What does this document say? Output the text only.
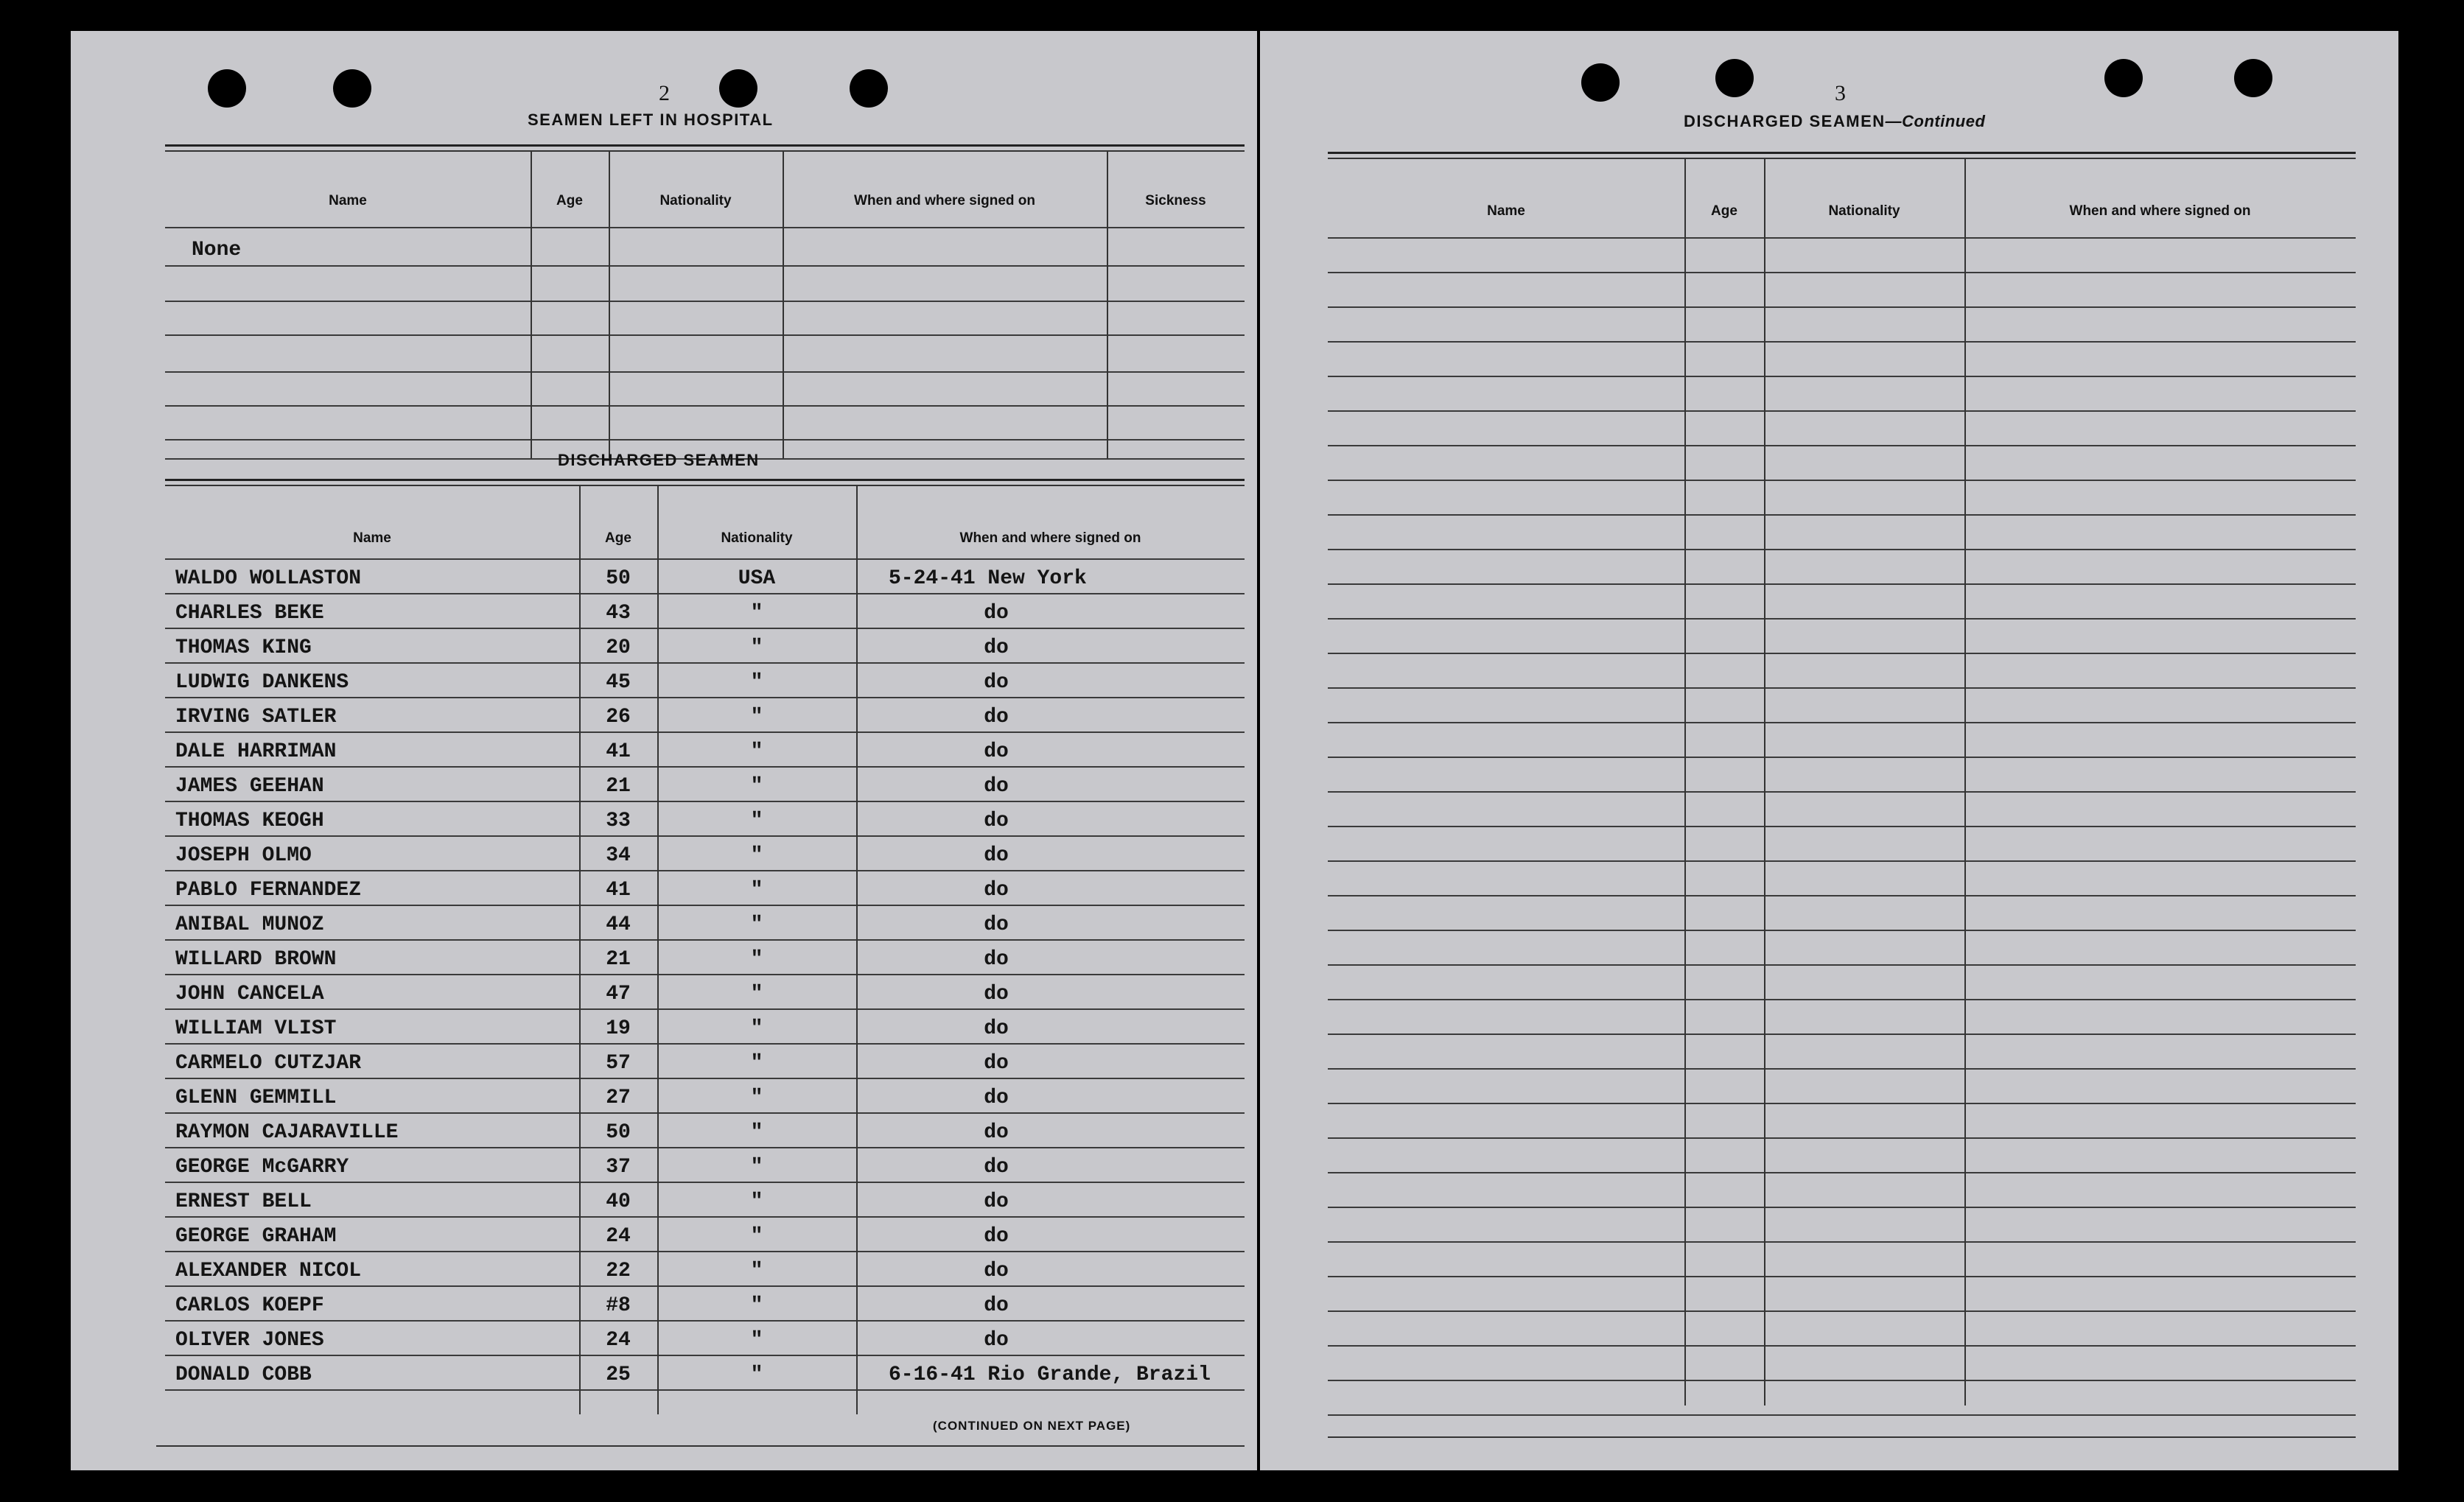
2
SEAMEN LEFT IN HOSPITAL
Name	Age	Nationality	When and where signed on	Sickness
None
DISCHARGED SEAMEN
Name	Age	Nationality	When and where signed on
WALDO WOLLASTON	50	USA	5-24-41 New York
CHARLES BEKE	43	"	do
THOMAS KING	20	"	do
LUDWIG DANKENS	45	"	do
IRVING SATLER	26	"	do
DALE HARRIMAN	41	"	do
JAMES GEEHAN	21	"	do
THOMAS KEOGH	33	"	do
JOSEPH OLMO	34	"	do
PABLO FERNANDEZ	41	"	do
ANIBAL MUNOZ	44	"	do
WILLARD BROWN	21	"	do
JOHN CANCELA	47	"	do
WILLIAM VLIST	19	"	do
CARMELO CUTZJAR	57	"	do
GLENN GEMMILL	27	"	do
RAYMON CAJARAVILLE	50	"	do
GEORGE McGARRY	37	"	do
ERNEST BELL	40	"	do
GEORGE GRAHAM	24	"	do
ALEXANDER NICOL	22	"	do
CARLOS KOEPF	#8	"	do
OLIVER JONES	24	"	do
DONALD COBB	25	"	6-16-41 Rio Grande, Brazil
(CONTINUED ON NEXT PAGE)
3
DISCHARGED SEAMEN—Continued
Name	Age	Nationality	When and where signed on
